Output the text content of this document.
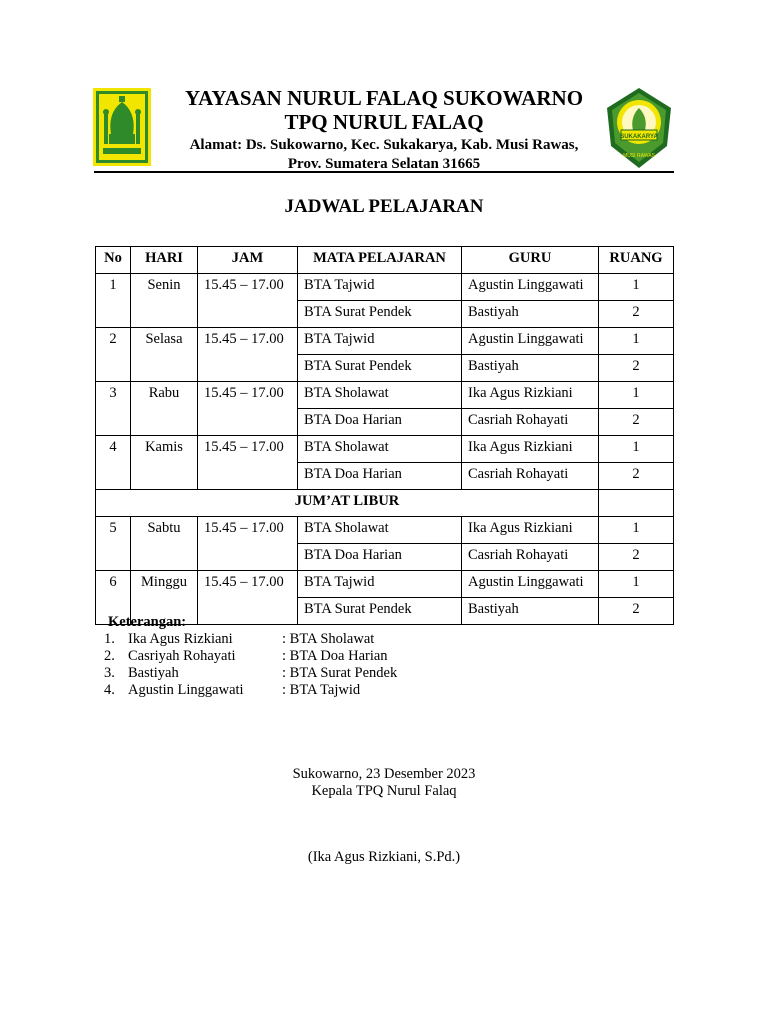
YAYASAN NURUL FALAQ SUKOWARNO
TPQ NURUL FALAQ
Alamat: Ds. Sukowarno, Kec. Sukakarya, Kab. Musi Rawas,
Prov. Sumatera Selatan 31665
SUKAKARYA
MUSI RAWAS
JADWAL PELAJARAN
No	HARI	JAM	MATA PELAJARAN	GURU	RUANG
1	Senin	15.45 – 17.00	BTA Tajwid	Agustin Linggawati	1
			BTA Surat Pendek	Bastiyah	2
2	Selasa	15.45 – 17.00	BTA Tajwid	Agustin Linggawati	1
			BTA Surat Pendek	Bastiyah	2
3	Rabu	15.45 – 17.00	BTA Sholawat	Ika Agus Rizkiani	1
			BTA Doa Harian	Casriah Rohayati	2
4	Kamis	15.45 – 17.00	BTA Sholawat	Ika Agus Rizkiani	1
			BTA Doa Harian	Casriah Rohayati	2
JUM’AT LIBUR					
5	Sabtu	15.45 – 17.00	BTA Sholawat	Ika Agus Rizkiani	1
			BTA Doa Harian	Casriah Rohayati	2
6	Minggu	15.45 – 17.00	BTA Tajwid	Agustin Linggawati	1
			BTA Surat Pendek	Bastiyah	2
Keterangan:
1. Ika Agus Rizkiani	: BTA Sholawat
2. Casriyah Rohayati	: BTA Doa Harian
3. Bastiyah	: BTA Surat Pendek
4. Agustin Linggawati	: BTA Tajwid
Sukowarno, 23 Desember 2023
Kepala TPQ Nurul Falaq
(Ika Agus Rizkiani, S.Pd.)
